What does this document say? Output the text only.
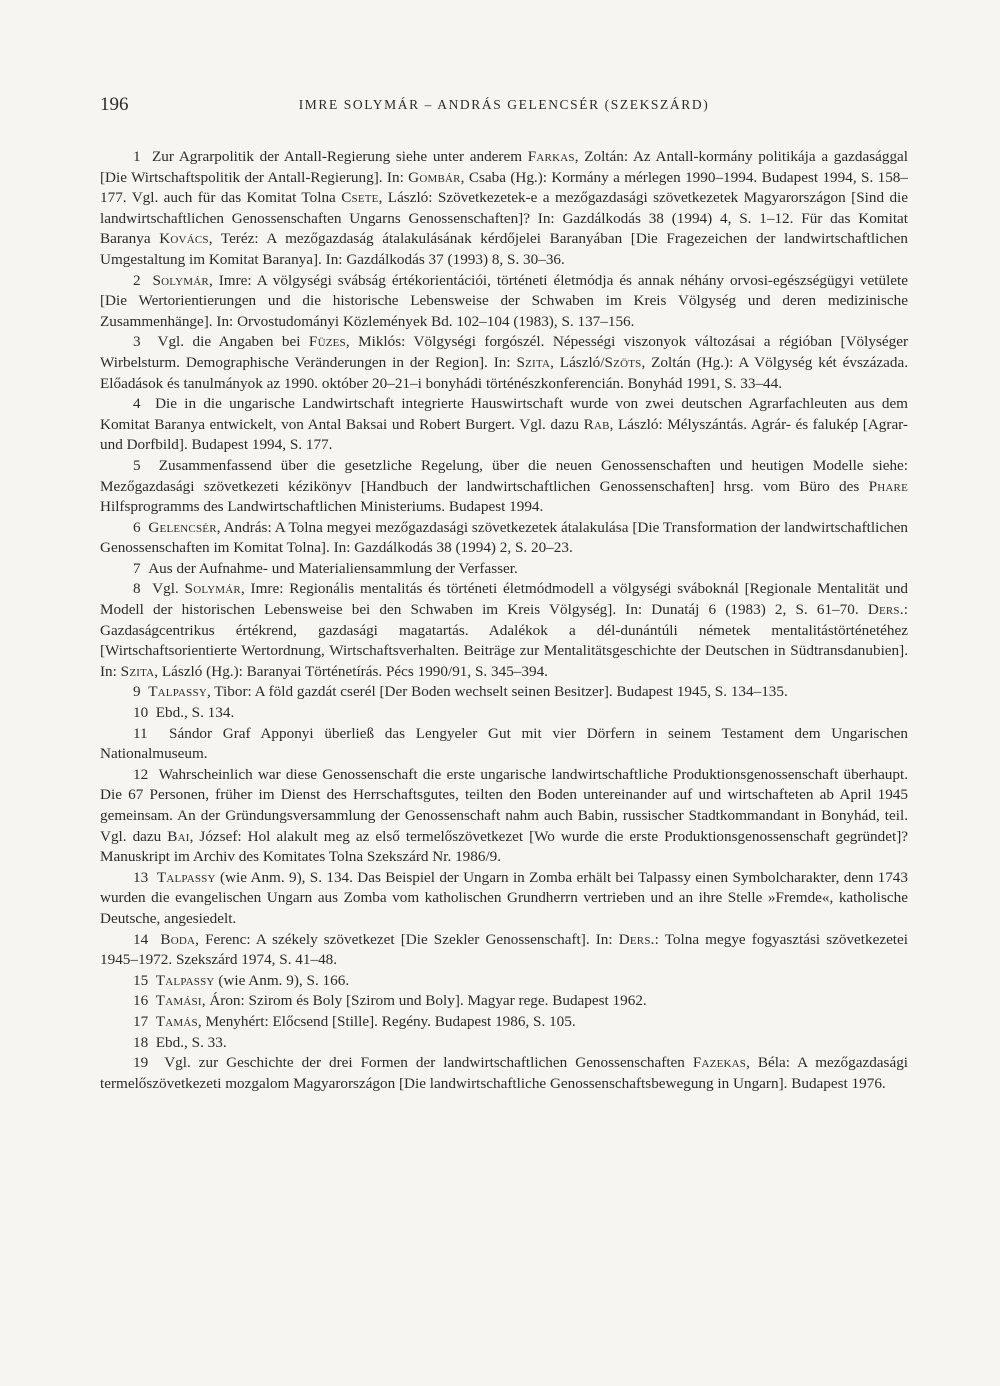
196	IMRE SOLYMÁR – ANDRÁS GELENCSÉR (SZEKSZÁRD)

1 Zur Agrarpolitik der Antall-Regierung siehe unter anderem Farkas, Zoltán: Az Antall-kormány politikája a gazdasággal [Die Wirtschaftspolitik der Antall-Regierung]. In: Gombár, Csaba (Hg.): Kormány a mérlegen 1990–1994. Budapest 1994, S. 158–177. Vgl. auch für das Komitat Tolna Csete, László: Szövetkezetek-e a mezőgazdasági szövetkezetek Magyarországon [Sind die landwirtschaftlichen Genossenschaften Ungarns Genossenschaften]? In: Gazdálkodás 38 (1994) 4, S. 1–12. Für das Komitat Baranya Kovács, Teréz: A mezőgazdaság átalakulásának kérdőjelei Baranyában [Die Fragezeichen der landwirtschaftlichen Umgestaltung im Komitat Baranya]. In: Gazdálkodás 37 (1993) 8, S. 30–36.

2 Solymár, Imre: A völgységi svábság értékorientációi, történeti életmódja és annak néhány orvosi-egészségügyi vetülete [Die Wertorientierungen und die historische Lebensweise der Schwaben im Kreis Völgység und deren medizinische Zusammenhänge]. In: Orvostudományi Közlemények Bd. 102–104 (1983), S. 137–156.

3 Vgl. die Angaben bei Füzes, Miklós: Völgységi forgószél. Népességi viszonyok változásai a régióban [Völységer Wirbelsturm. Demographische Veränderungen in der Region]. In: Szita, László/Szöts, Zoltán (Hg.): A Völgység két évszázada. Előadások és tanulmányok az 1990. október 20–21–i bonyhádi történészkonferencián. Bonyhád 1991, S. 33–44.

4 Die in die ungarische Landwirtschaft integrierte Hauswirtschaft wurde von zwei deutschen Agrarfachleuten aus dem Komitat Baranya entwickelt, von Antal Baksai und Robert Burgert. Vgl. dazu Rab, László: Mélyszántás. Agrár- és falukép [Agrar- und Dorfbild]. Budapest 1994, S. 177.

5 Zusammenfassend über die gesetzliche Regelung, über die neuen Genossenschaften und heutigen Modelle siehe: Mezőgazdasági szövetkezeti kézikönyv [Handbuch der landwirtschaftlichen Genossenschaften] hrsg. vom Büro des Phare Hilfsprogramms des Landwirtschaftlichen Ministeriums. Budapest 1994.

6 Gelencsér, András: A Tolna megyei mezőgazdasági szövetkezetek átalakulása [Die Transformation der landwirtschaftlichen Genossenschaften im Komitat Tolna]. In: Gazdálkodás 38 (1994) 2, S. 20–23.

7 Aus der Aufnahme- und Materialiensammlung der Verfasser.

8 Vgl. Solymár, Imre: Regionális mentalitás és történeti életmódmodell a völgységi sváboknál [Regionale Mentalität und Modell der historischen Lebensweise bei den Schwaben im Kreis Völgység]. In: Dunatáj 6 (1983) 2, S. 61–70. Ders.: Gazdaságcentrikus értékrend, gazdasági magatartás. Adalékok a dél-dunántúli németek mentalitástörténetéhez [Wirtschaftsorientierte Wertordnung, Wirtschaftsverhalten. Beiträge zur Mentalitätsgeschichte der Deutschen in Südtransdanubien]. In: Szita, László (Hg.): Baranyai Történetírás. Pécs 1990/91, S. 345–394.

9 Talpassy, Tibor: A föld gazdát cserél [Der Boden wechselt seinen Besitzer]. Budapest 1945, S. 134–135.

10 Ebd., S. 134.

11 Sándor Graf Apponyi überließ das Lengyeler Gut mit vier Dörfern in seinem Testament dem Ungarischen Nationalmuseum.

12 Wahrscheinlich war diese Genossenschaft die erste ungarische landwirtschaftliche Produktionsgenossenschaft überhaupt. Die 67 Personen, früher im Dienst des Herrschaftsgutes, teilten den Boden untereinander auf und wirtschafteten ab April 1945 gemeinsam. An der Gründungsversammlung der Genossenschaft nahm auch Babin, russischer Stadtkommandant in Bonyhád, teil. Vgl. dazu Bai, József: Hol alakult meg az első termelőszövetkezet [Wo wurde die erste Produktionsgenossenschaft gegründet]? Manuskript im Archiv des Komitates Tolna Szekszárd Nr. 1986/9.

13 Talpassy (wie Anm. 9), S. 134. Das Beispiel der Ungarn in Zomba erhält bei Talpassy einen Symbolcharakter, denn 1743 wurden die evangelischen Ungarn aus Zomba vom katholischen Grundherrn vertrieben und an ihre Stelle »Fremde«, katholische Deutsche, angesiedelt.

14 Boda, Ferenc: A székely szövetkezet [Die Szekler Genossenschaft]. In: Ders.: Tolna megye fogyasztási szövetkezetei 1945–1972. Szekszárd 1974, S. 41–48.

15 Talpassy (wie Anm. 9), S. 166.

16 Tamási, Áron: Szirom és Boly [Szirom und Boly]. Magyar rege. Budapest 1962.

17 Tamás, Menyhért: Előcsend [Stille]. Regény. Budapest 1986, S. 105.

18 Ebd., S. 33.

19 Vgl. zur Geschichte der drei Formen der landwirtschaftlichen Genossenschaften Fazekas, Béla: A mezőgazdasági termelőszövetkezeti mozgalom Magyarországon [Die landwirtschaftliche Genossenschaftsbewegung in Ungarn]. Budapest 1976.
